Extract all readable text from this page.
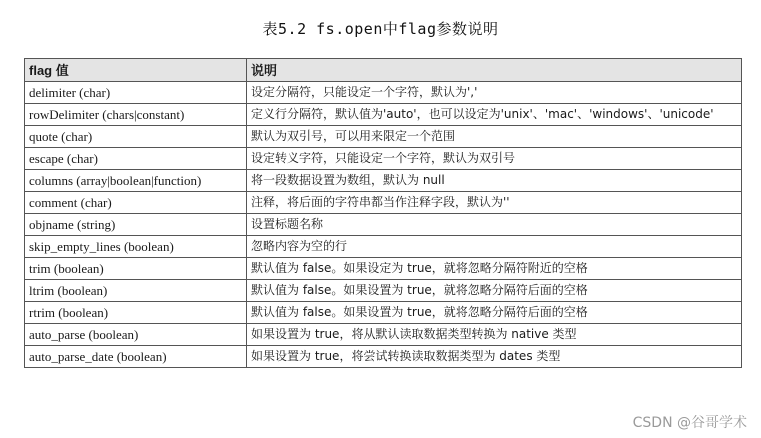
表5.2 fs.open中flag参数说明
flag 值	说明
delimiter (char)	设定分隔符，只能设定一个字符，默认为','
rowDelimiter (chars|constant)	定义行分隔符，默认值为'auto'，也可以设定为'unix'、'mac'、'windows'、'unicode'
quote (char)	默认为双引号，可以用来限定一个范围
escape (char)	设定转义字符，只能设定一个字符，默认为双引号
columns (array|boolean|function)	将一段数据设置为数组，默认为 null
comment (char)	注释，将后面的字符串都当作注释字段，默认为''
objname (string)	设置标题名称
skip_empty_lines (boolean)	忽略内容为空的行
trim (boolean)	默认值为 false。如果设定为 true，就将忽略分隔符附近的空格
ltrim (boolean)	默认值为 false。如果设置为 true，就将忽略分隔符后面的空格
rtrim (boolean)	默认值为 false。如果设置为 true，就将忽略分隔符后面的空格
auto_parse (boolean)	如果设置为 true，将从默认读取数据类型转换为 native 类型
auto_parse_date (boolean)	如果设置为 true，将尝试转换读取数据类型为 dates 类型
CSDN @谷哥学术
